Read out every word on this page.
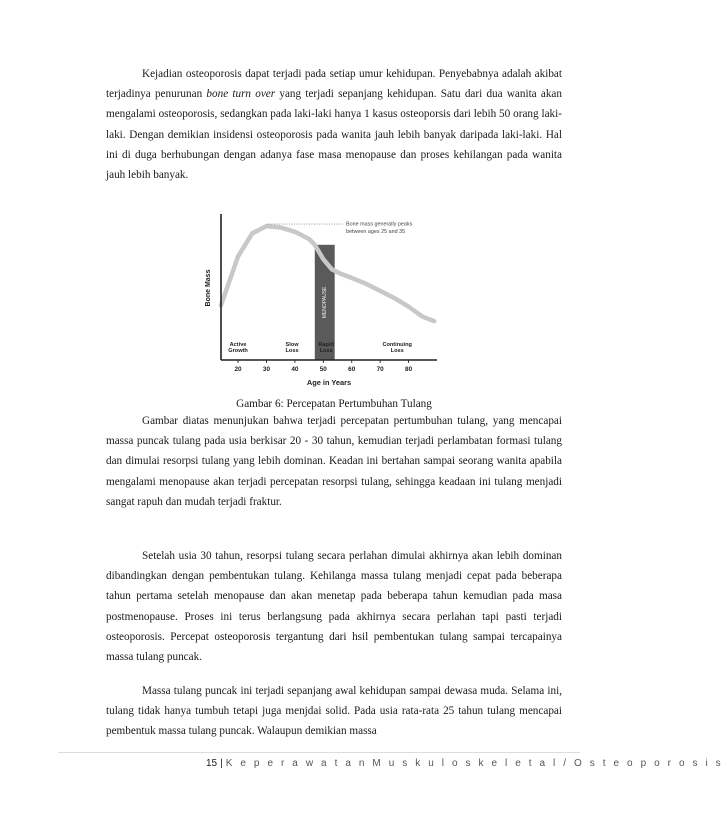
Kejadian osteoporosis dapat terjadi pada setiap umur kehidupan. Penyebabnya adalah akibat terjadinya penurunan bone turn over yang terjadi sepanjang kehidupan. Satu dari dua wanita akan mengalami osteoporosis, sedangkan pada laki-laki hanya 1 kasus osteoporsis dari lebih 50 orang laki-laki. Dengan demikian insidensi osteoporosis pada wanita jauh lebih banyak daripada laki-laki. Hal ini di duga berhubungan dengan adanya fase masa menopause dan proses kehilangan pada wanita jauh lebih banyak.

MENOPAUSE
Bone mass generally peaks
between ages 25 and 35
Bone Mass
20	30	40	50	60	70	80
Age in Years
Active
Growth
Slow
Loss
Rapid
Loss
Continuing
Loss
Gambar 6: Percepatan Pertumbuhan Tulang

Gambar diatas menunjukan bahwa terjadi percepatan pertumbuhan tulang, yang mencapai massa puncak tulang pada usia berkisar 20 - 30 tahun, kemudian terjadi perlambatan formasi tulang dan dimulai resorpsi tulang yang lebih dominan. Keadan ini bertahan sampai seorang wanita apabila mengalami menopause akan terjadi percepatan resorpsi tulang, sehingga keadaan ini tulang menjadi sangat rapuh dan mudah terjadi fraktur.

Setelah usia 30 tahun, resorpsi tulang secara perlahan dimulai akhirnya akan lebih dominan dibandingkan dengan pembentukan tulang. Kehilanga massa tulang menjadi cepat pada beberapa tahun pertama setelah menopause dan akan menetap pada beberapa tahun kemudian pada masa postmenopause. Proses ini terus berlangsung pada akhirnya secara perlahan tapi pasti terjadi osteoporosis. Percepat osteoporosis tergantung dari hsil pembentukan tulang sampai tercapainya massa tulang puncak.

Massa tulang puncak ini terjadi sepanjang awal kehidupan sampai dewasa muda. Selama ini, tulang tidak hanya tumbuh tetapi juga menjdai solid. Pada usia rata-rata 25 tahun tulang mencapai pembentuk massa tulang puncak. Walaupun demikian massa

15 | K e p e r a w a t a n M u s k u l o s k e l e t a l / O s t e o p o r o s i s
